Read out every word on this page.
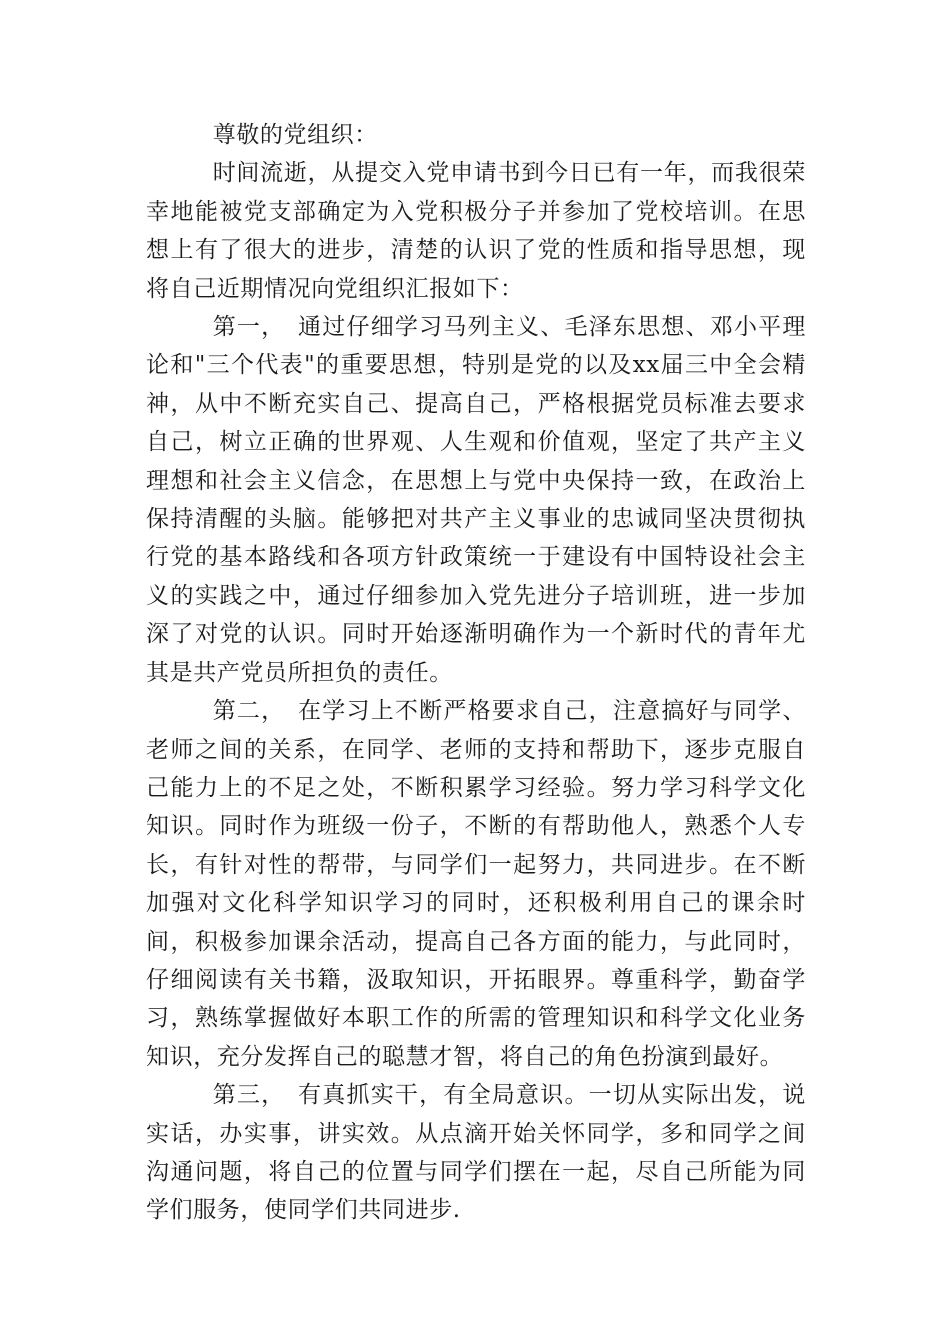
尊敬的党组织：

时间流逝，从提交入党申请书到今日已有一年，而我很荣幸地能被党支部确定为入党积极分子并参加了党校培训。在思想上有了很大的进步，清楚的认识了党的性质和指导思想，现将自己近期情况向党组织汇报如下：

第一，　通过仔细学习马列主义、毛泽东思想、邓小平理论和"三个代表"的重要思想，特别是党的以及xx届三中全会精神，从中不断充实自己、提高自己，严格根据党员标准去要求自己，树立正确的世界观、人生观和价值观，坚定了共产主义理想和社会主义信念，在思想上与党中央保持一致，在政治上保持清醒的头脑。能够把对共产主义事业的忠诚同坚决贯彻执行党的基本路线和各项方针政策统一于建设有中国特设社会主义的实践之中，通过仔细参加入党先进分子培训班，进一步加深了对党的认识。同时开始逐渐明确作为一个新时代的青年尤其是共产党员所担负的责任。

第二，　在学习上不断严格要求自己，注意搞好与同学、老师之间的关系，在同学、老师的支持和帮助下，逐步克服自己能力上的不足之处，不断积累学习经验。努力学习科学文化知识。同时作为班级一份子，不断的有帮助他人，熟悉个人专长，有针对性的帮带，与同学们一起努力，共同进步。在不断加强对文化科学知识学习的同时，还积极利用自己的课余时间，积极参加课余活动，提高自己各方面的能力，与此同时，仔细阅读有关书籍，汲取知识，开拓眼界。尊重科学，勤奋学习，熟练掌握做好本职工作的所需的管理知识和科学文化业务知识，充分发挥自己的聪慧才智，将自己的角色扮演到最好。

第三，　有真抓实干，有全局意识。一切从实际出发，说实话，办实事，讲实效。从点滴开始关怀同学，多和同学之间沟通问题，将自己的位置与同学们摆在一起，尽自己所能为同学们服务，使同学们共同进步.
